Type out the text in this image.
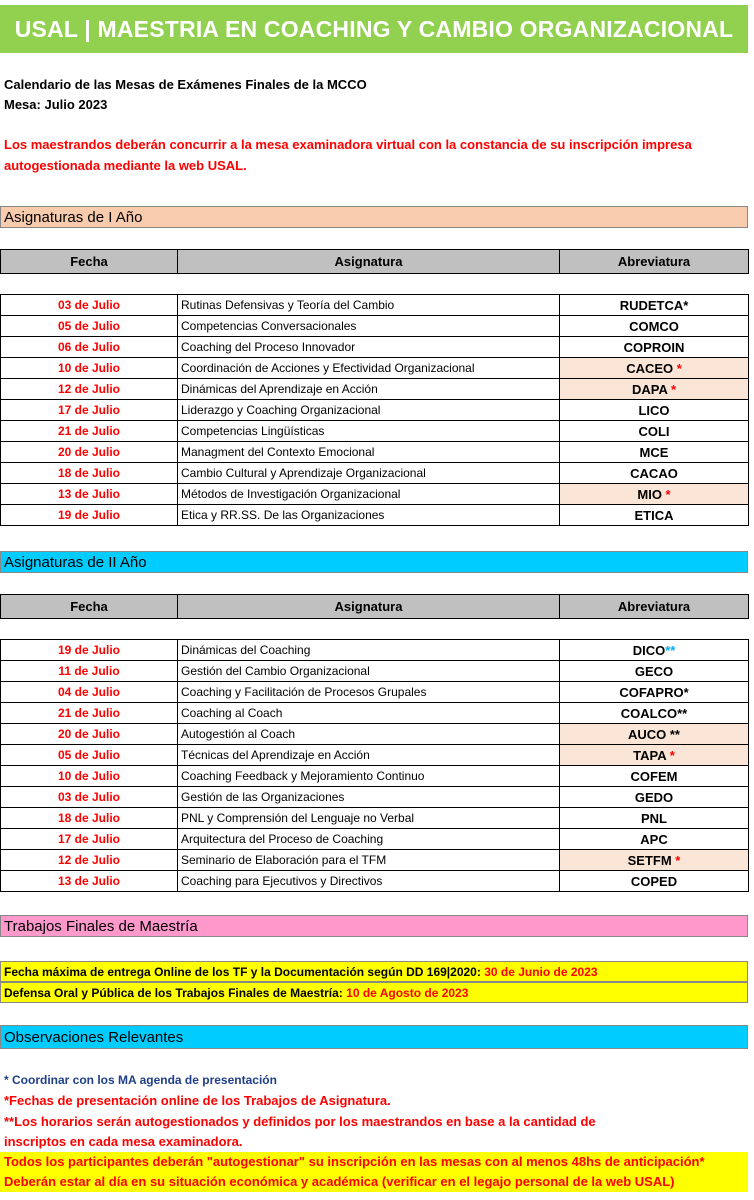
USAL | MAESTRIA EN COACHING Y CAMBIO ORGANIZACIONAL
Calendario de las Mesas de Exámenes Finales de la MCCO
Mesa: Julio 2023
Los maestrandos deberán concurrir a la mesa examinadora virtual con la constancia de su inscripción impresa
autogestionada mediante la web USAL.
Asignaturas de I Año
Fecha	Asignatura	Abreviatura

03 de Julio	Rutinas Defensivas y Teoría del Cambio	RUDETCA*
05 de Julio	Competencias Conversacionales	COMCO
06 de Julio	Coaching del Proceso Innovador	COPROIN
10 de Julio	Coordinación de Acciones y Efectividad Organizacional	CACEO *
12 de Julio	Dinámicas del Aprendizaje en Acción	DAPA *
17 de Julio	Liderazgo y Coaching Organizacional	LICO
21 de Julio	Competencias Lingüísticas	COLI
20 de Julio	Managment del Contexto Emocional	MCE
18 de Julio	Cambio Cultural y Aprendizaje Organizacional	CACAO
13 de Julio	Métodos de Investigación Organizacional	MIO *
19 de Julio	Etica y RR.SS. De las Organizaciones	ETICA
Asignaturas de II Año
Fecha	Asignatura	Abreviatura

19 de Julio	Dinámicas del Coaching	DICO**
11 de Julio	Gestión del Cambio Organizacional	GECO
04 de Julio	Coaching y Facilitación de Procesos Grupales	COFAPRO*
21 de Julio	Coaching al Coach	COALCO**
20 de Julio	Autogestión al Coach	AUCO **
05 de Julio	Técnicas del Aprendizaje en Acción	TAPA *
10 de Julio	Coaching Feedback y Mejoramiento Continuo	COFEM
03 de Julio	Gestión de las Organizaciones	GEDO
18 de Julio	PNL y Comprensión del Lenguaje no Verbal	PNL
17 de Julio	Arquitectura del Proceso de Coaching	APC
12 de Julio	Seminario de Elaboración para el TFM	SETFM *
13 de Julio	Coaching para Ejecutivos y Directivos	COPED
Trabajos Finales de Maestría
Fecha máxima de entrega Online de los TF y la Documentación según DD 169|2020: 30 de Junio de 2023
Defensa Oral y Pública de los Trabajos Finales de Maestría: 10 de Agosto de 2023
Observaciones Relevantes
* Coordinar con los MA agenda de presentación
*Fechas de presentación online de los Trabajos de Asignatura.
**Los horarios serán autogestionados y definidos por los maestrandos en base a la cantidad de
inscriptos en cada mesa examinadora.
Todos los participantes deberán "autogestionar" su inscripción en las mesas con al menos 48hs de anticipación*
Deberán estar al día en su situación económica y académica (verificar en el legajo personal de la web USAL)
